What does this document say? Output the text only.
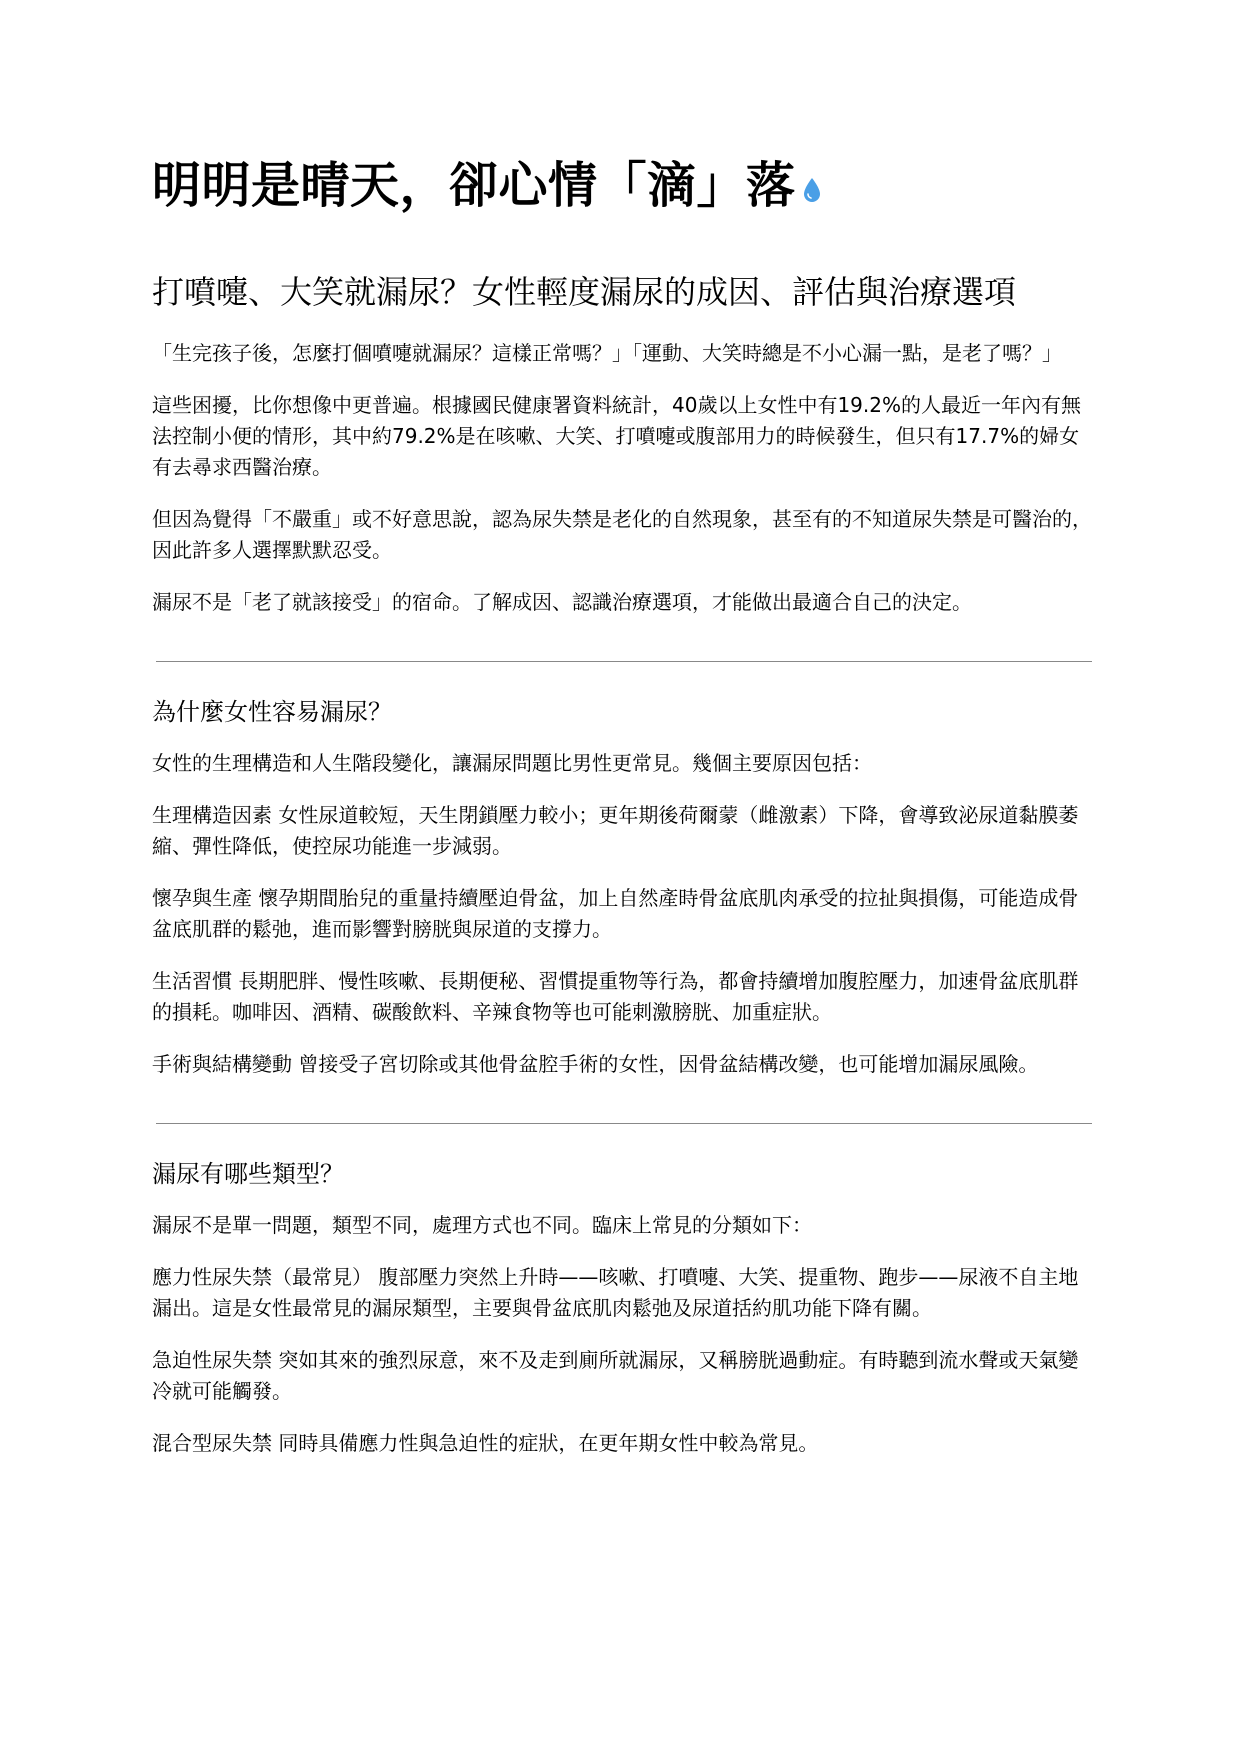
明明是晴天，卻心情「滴」落
打噴嚏、大笑就漏尿？女性輕度漏尿的成因、評估與治療選項

「生完孩子後，怎麼打個噴嚏就漏尿？這樣正常嗎？」「運動、大笑時總是不小心漏一點，是老了嗎？」

這些困擾，比你想像中更普遍。根據國民健康署資料統計，40歲以上女性中有19.2%的人最近一年內有無法控制小便的情形，其中約79.2%是在咳嗽、大笑、打噴嚏或腹部用力的時候發生，但只有17.7%的婦女有去尋求西醫治療。

但因為覺得「不嚴重」或不好意思說，認為尿失禁是老化的自然現象，甚至有的不知道尿失禁是可醫治的，因此許多人選擇默默忍受。

漏尿不是「老了就該接受」的宿命。了解成因、認識治療選項，才能做出最適合自己的決定。

為什麼女性容易漏尿？

女性的生理構造和人生階段變化，讓漏尿問題比男性更常見。幾個主要原因包括：

生理構造因素 女性尿道較短，天生閉鎖壓力較小；更年期後荷爾蒙（雌激素）下降，會導致泌尿道黏膜萎縮、彈性降低，使控尿功能進一步減弱。

懷孕與生產 懷孕期間胎兒的重量持續壓迫骨盆，加上自然產時骨盆底肌肉承受的拉扯與損傷，可能造成骨盆底肌群的鬆弛，進而影響對膀胱與尿道的支撐力。

生活習慣 長期肥胖、慢性咳嗽、長期便秘、習慣提重物等行為，都會持續增加腹腔壓力，加速骨盆底肌群的損耗。咖啡因、酒精、碳酸飲料、辛辣食物等也可能刺激膀胱、加重症狀。

手術與結構變動 曾接受子宮切除或其他骨盆腔手術的女性，因骨盆結構改變，也可能增加漏尿風險。

漏尿有哪些類型？

漏尿不是單一問題，類型不同，處理方式也不同。臨床上常見的分類如下：

應力性尿失禁（最常見） 腹部壓力突然上升時——咳嗽、打噴嚏、大笑、提重物、跑步——尿液不自主地漏出。這是女性最常見的漏尿類型，主要與骨盆底肌肉鬆弛及尿道括約肌功能下降有關。

急迫性尿失禁 突如其來的強烈尿意，來不及走到廁所就漏尿，又稱膀胱過動症。有時聽到流水聲或天氣變冷就可能觸發。

混合型尿失禁 同時具備應力性與急迫性的症狀，在更年期女性中較為常見。
